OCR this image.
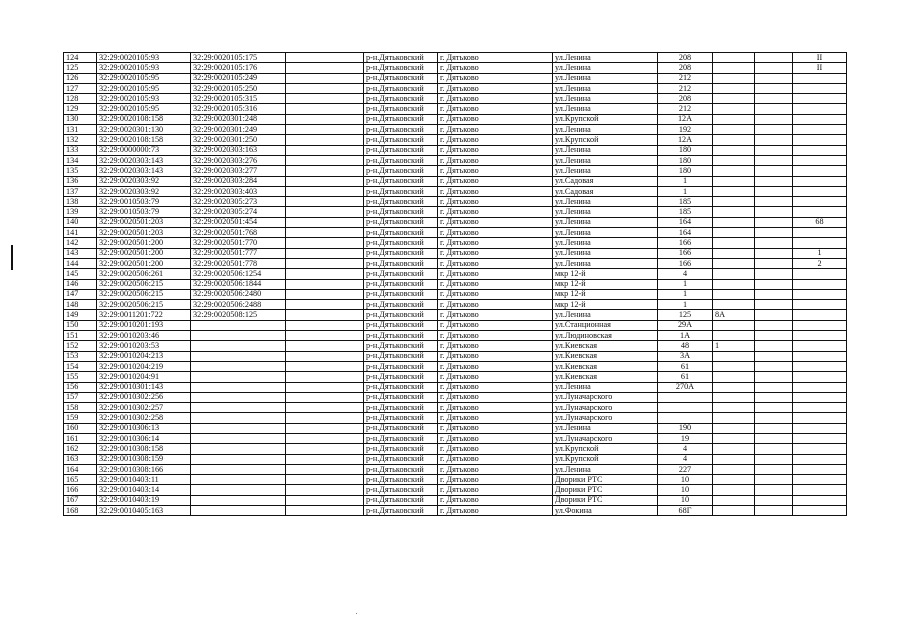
124	32:29:0020105:93	32:29:0020105:175		р-н.Дятьковский	г. Дятьково	ул.Ленина	208			II
125	32:29:0020105:93	32:29:0020105:176		р-н.Дятьковский	г. Дятьково	ул.Ленина	208			II
126	32:29:0020105:95	32:29:0020105:249		р-н.Дятьковский	г. Дятьково	ул.Ленина	212			
127	32:29:0020105:95	32:29:0020105:250		р-н.Дятьковский	г. Дятьково	ул.Ленина	212			
128	32:29:0020105:93	32:29:0020105:315		р-н.Дятьковский	г. Дятьково	ул.Ленина	208			
129	32:29:0020105:95	32:29:0020105:316		р-н.Дятьковский	г. Дятьково	ул.Ленина	212			
130	32:29:0020108:158	32:29:0020301:248		р-н.Дятьковский	г. Дятьково	ул.Крупской	12А			
131	32:29:0020301:130	32:29:0020301:249		р-н.Дятьковский	г. Дятьково	ул.Ленина	192			
132	32:29:0020108:158	32:29:0020301:250		р-н.Дятьковский	г. Дятьково	ул.Крупской	12А			
133	32:29:0000000:73	32:29:0020303:163		р-н.Дятьковский	г. Дятьково	ул.Ленина	180			
134	32:29:0020303:143	32:29:0020303:276		р-н.Дятьковский	г. Дятьково	ул.Ленина	180			
135	32:29:0020303:143	32:29:0020303:277		р-н.Дятьковский	г. Дятьково	ул.Ленина	180			
136	32:29:0020303:92	32:29:0020303:284		р-н.Дятьковский	г. Дятьково	ул.Садовая	1			
137	32:29:0020303:92	32:29:0020303:403		р-н.Дятьковский	г. Дятьково	ул.Садовая	1			
138	32:29:0010503:79	32:29:0020305:273		р-н.Дятьковский	г. Дятьково	ул.Ленина	185			
139	32:29:0010503:79	32:29:0020305:274		р-н.Дятьковский	г. Дятьково	ул.Ленина	185			
140	32:29:0020501:203	32:29:0020501:454		р-н.Дятьковский	г. Дятьково	ул.Ленина	164			68
141	32:29:0020501:203	32:29:0020501:768		р-н.Дятьковский	г. Дятьково	ул.Ленина	164			
142	32:29:0020501:200	32:29:0020501:770		р-н.Дятьковский	г. Дятьково	ул.Ленина	166			
143	32:29:0020501:200	32:29:0020501:777		р-н.Дятьковский	г. Дятьково	ул.Ленина	166			1
144	32:29:0020501:200	32:29:0020501:778		р-н.Дятьковский	г. Дятьково	ул.Ленина	166			2
145	32:29:0020506:261	32:29:0020506:1254		р-н.Дятьковский	г. Дятьково	мкр 12-й	4			
146	32:29:0020506:215	32:29:0020506:1844		р-н.Дятьковский	г. Дятьково	мкр 12-й	1			
147	32:29:0020506:215	32:29:0020506:2480		р-н.Дятьковский	г. Дятьково	мкр 12-й	1			
148	32:29:0020506:215	32:29:0020506:2488		р-н.Дятьковский	г. Дятьково	мкр 12-й	1			
149	32:29:0011201:722	32:29:0020508:125		р-н.Дятьковский	г. Дятьково	ул.Ленина	125	8А		
150	32:29:0010201:193			р-н.Дятьковский	г. Дятьково	ул.Станционная	29А			
151	32:29:0010203:46			р-н.Дятьковский	г. Дятьково	ул.Людиновская	1А			
152	32:29:0010203:53			р-н.Дятьковский	г. Дятьково	ул.Киевская	48	1		
153	32:29:0010204:213			р-н.Дятьковский	г. Дятьково	ул.Киевская	3А			
154	32:29:0010204:219			р-н.Дятьковский	г. Дятьково	ул.Киевская	61			
155	32:29:0010204:91			р-н.Дятьковский	г. Дятьково	ул.Киевская	61			
156	32:29:0010301:143			р-н.Дятьковский	г. Дятьково	ул.Ленина	270А			
157	32:29:0010302:256			р-н.Дятьковский	г. Дятьково	ул.Луначарского				
158	32:29:0010302:257			р-н.Дятьковский	г. Дятьково	ул.Луначарского				
159	32:29:0010302:258			р-н.Дятьковский	г. Дятьково	ул.Луначарского				
160	32:29:0010306:13			р-н.Дятьковский	г. Дятьково	ул.Ленина	190			
161	32:29:0010306:14			р-н.Дятьковский	г. Дятьково	ул.Луначарского	19			
162	32:29:0010308:158			р-н.Дятьковский	г. Дятьково	ул.Крупской	4			
163	32:29:0010308:159			р-н.Дятьковский	г. Дятьково	ул.Крупской	4			
164	32:29:0010308:166			р-н.Дятьковский	г. Дятьково	ул.Ленина	227			
165	32:29:0010403:11			р-н.Дятьковский	г. Дятьково	Дворики РТС	10			
166	32:29:0010403:14			р-н.Дятьковский	г. Дятьково	Дворики РТС	10			
167	32:29:0010403:19			р-н.Дятьковский	г. Дятьково	Дворики РТС	10			
168	32:29:0010405:163			р-н.Дятьковский	г. Дятьково	ул.Фокина	68Г			
